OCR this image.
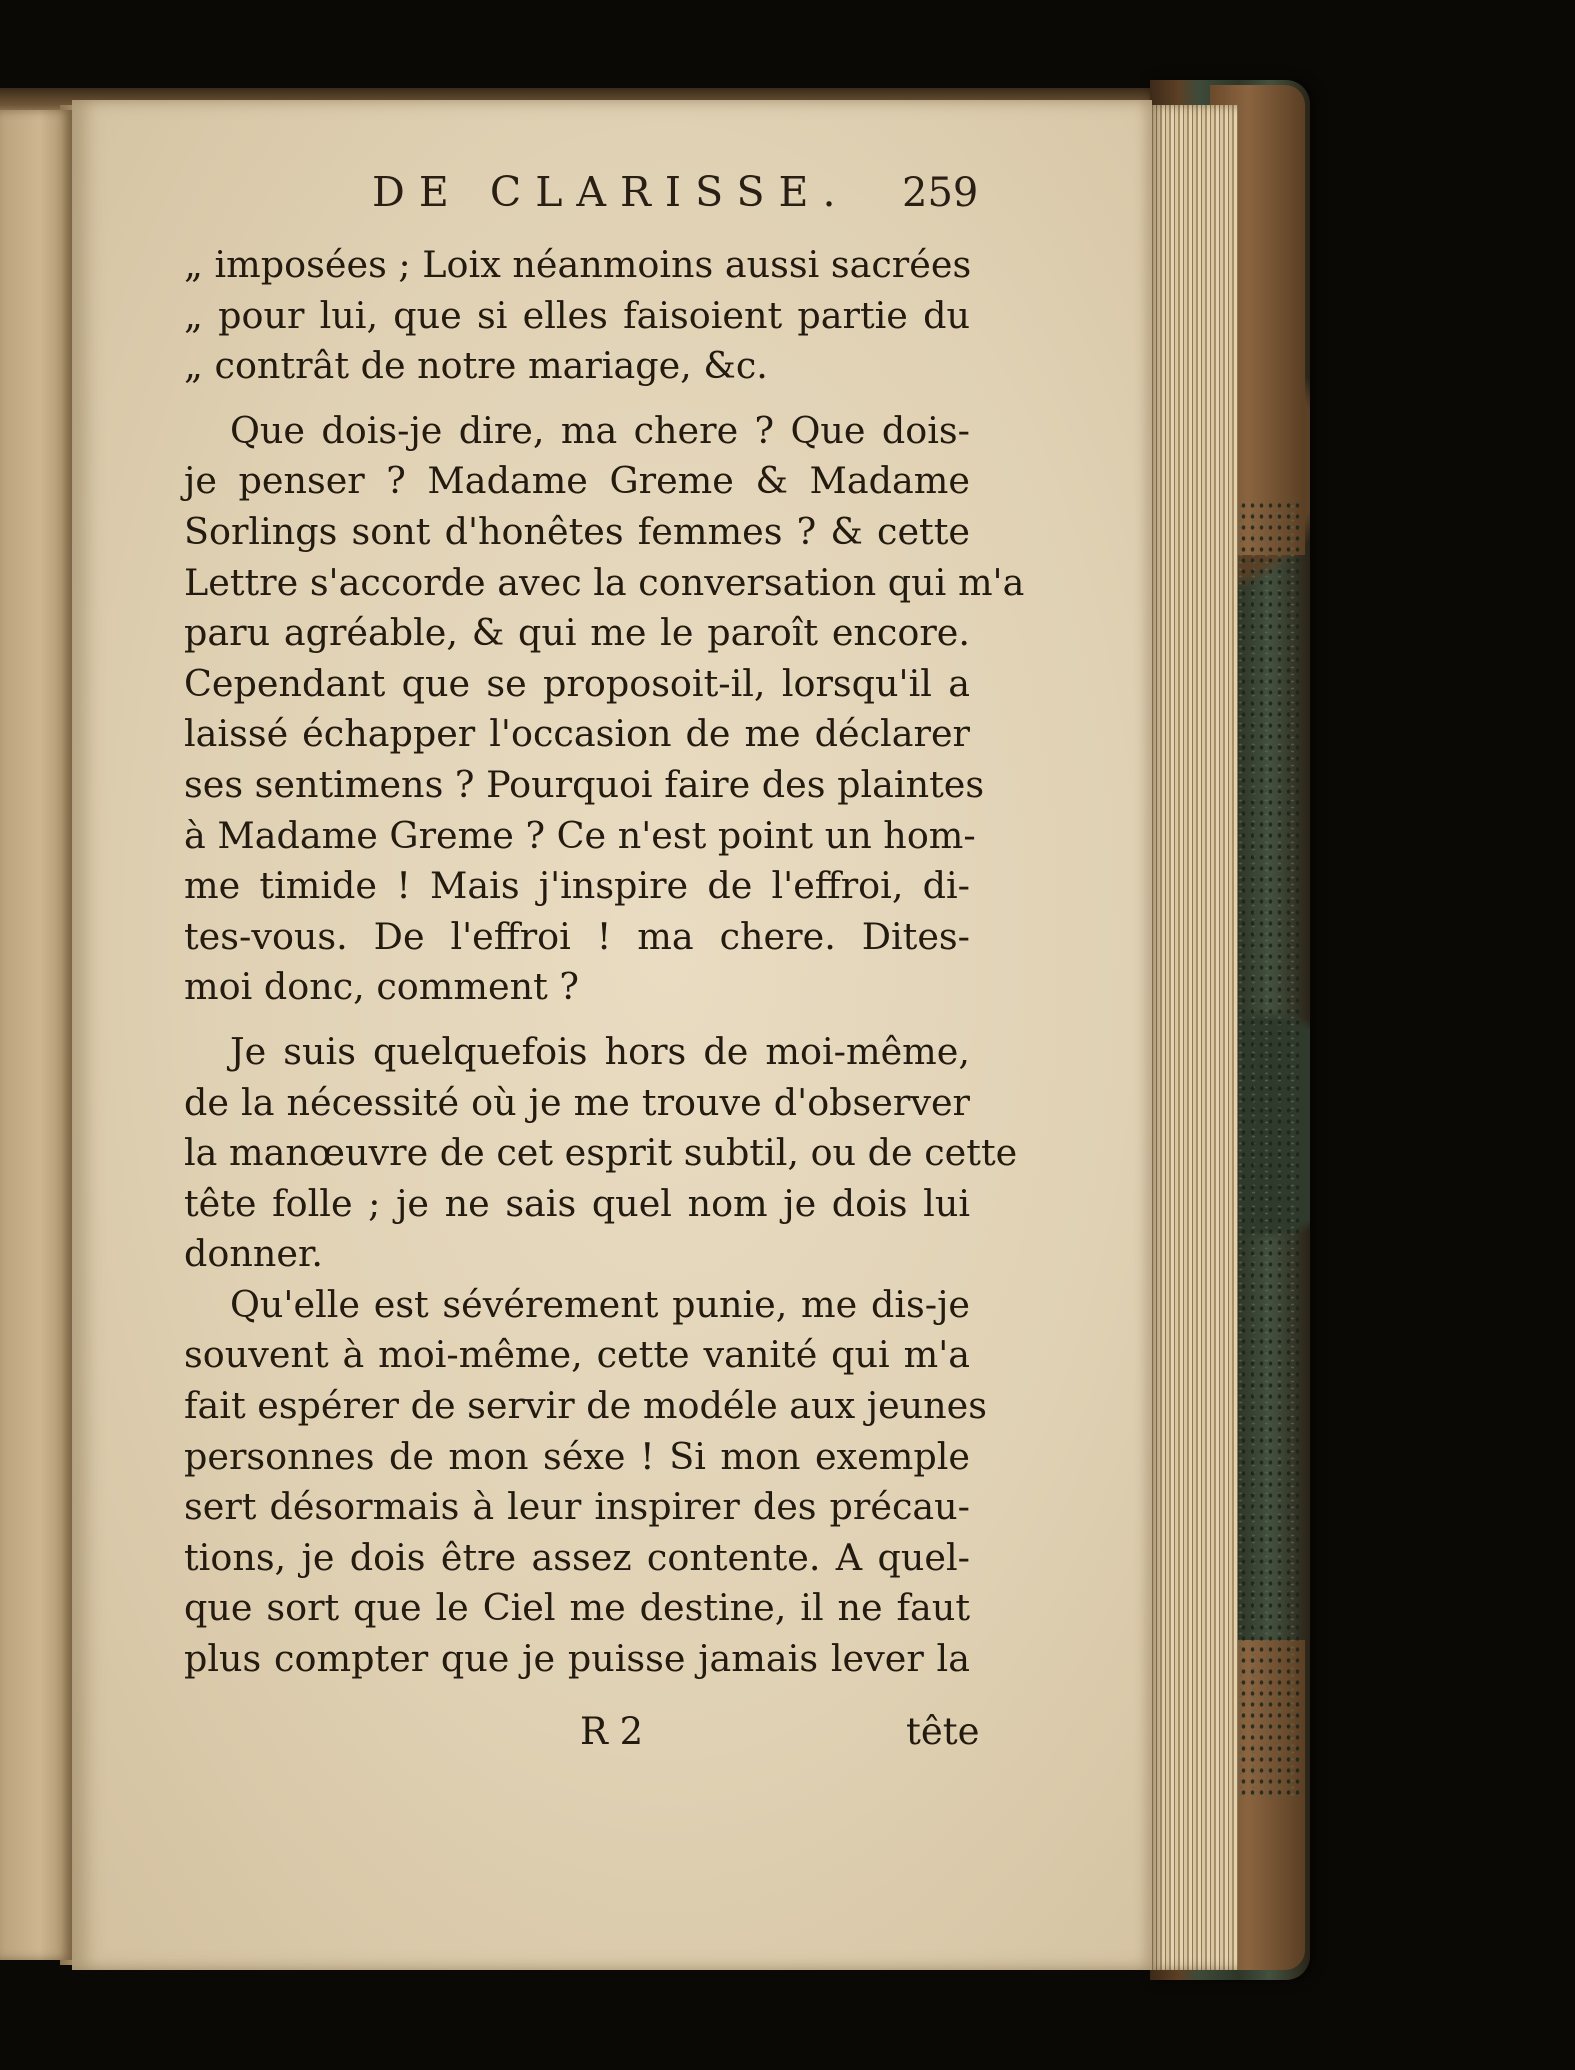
DE CLARISSE. 259

„ imposées ; Loix néanmoins aussi sacrées
„ pour lui, que si elles faisoient partie du
„ contrât de notre mariage, &c.

Que dois-je dire, ma chere ? Que dois-
je penser ? Madame Greme & Madame
Sorlings sont d'honêtes femmes ? & cette
Lettre s'accorde avec la conversation qui m'a
paru agréable, & qui me le paroît encore.
Cependant que se proposoit-il, lorsqu'il a
laissé échapper l'occasion de me déclarer
ses sentimens ? Pourquoi faire des plaintes
à Madame Greme ? Ce n'est point un hom-
me timide ! Mais j'inspire de l'effroi, di-
tes-vous. De l'effroi ! ma chere. Dites-
moi donc, comment ?

Je suis quelquefois hors de moi-même,
de la nécessité où je me trouve d'observer
la manœuvre de cet esprit subtil, ou de cette
tête folle ; je ne sais quel nom je dois lui
donner.

Qu'elle est sévérement punie, me dis-je
souvent à moi-même, cette vanité qui m'a
fait espérer de servir de modéle aux jeunes
personnes de mon séxe ! Si mon exemple
sert désormais à leur inspirer des précau-
tions, je dois être assez contente. A quel-
que sort que le Ciel me destine, il ne faut
plus compter que je puisse jamais lever la

R 2	tête
